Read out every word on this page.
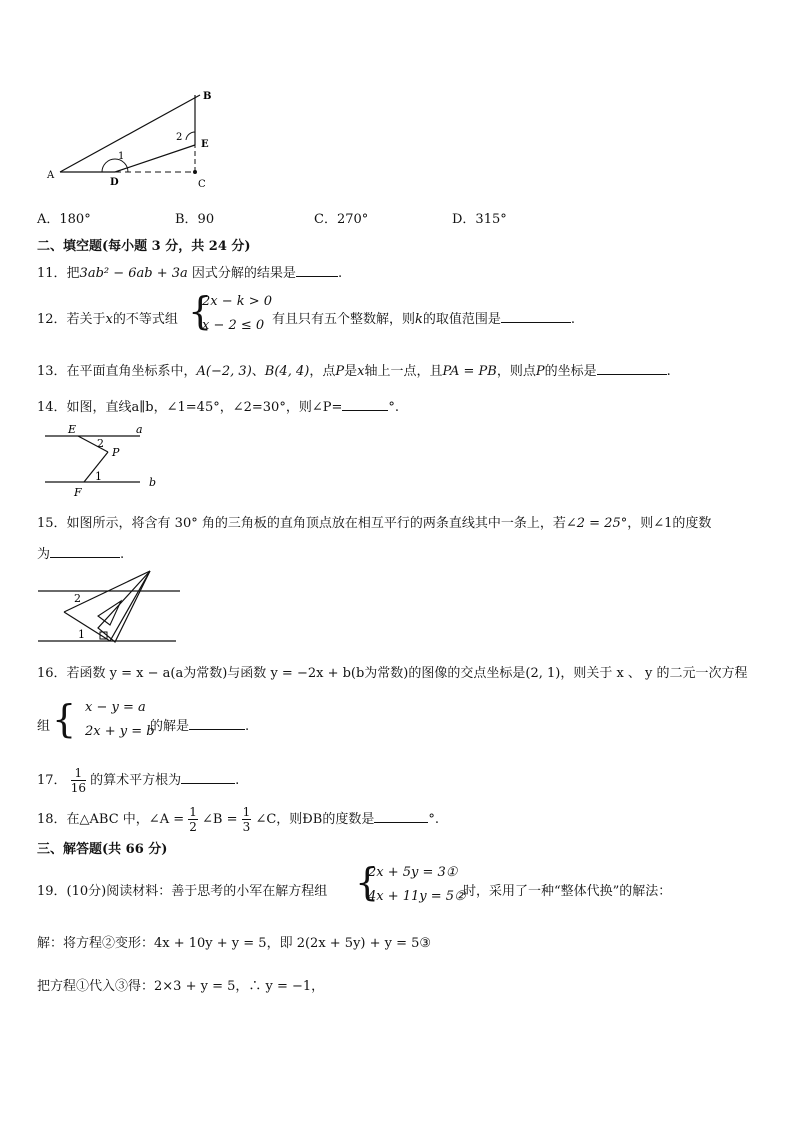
A
B
C
D
E
1
2
A．180°	B．90	C．270°	D．315°
二、填空题(每小题 3 分，共 24 分)
11．把3ab² − 6ab + 3a 因式分解的结果是	.
12．若关于x的不等式组 {
2x − k > 0
x − 2 ≤ 0 有且只有五个整数解，则k的取值范围是	.
13．在平面直角坐标系中，A(−2, 3)、B(4, 4)，点P是x轴上一点，且PA = PB，则点P的坐标是	.
14．如图，直线a∥b，∠1=45°，∠2=30°，则∠P=	°.
E	a
2
P
1	b
F
15．如图所示，将含有 30° 角的三角板的直角顶点放在相互平行的两条直线其中一条上，若∠2 = 25°，则∠1的度数
为	.
2
1
16．若函数 y = x − a(a为常数)与函数 y = −2x + b(b为常数)的图像的交点坐标是(2, 1)，则关于 x 、 y 的二元一次方程
组 { x − y = a
2x + y = b
的解是	.
17． $\frac{1}{16}$ 的算术平方根为	.
18．在△ABC 中，∠A = $\frac{1}{2}$ ∠B = $\frac{1}{3}$ ∠C，则ÐB的度数是	°.
三、解答题(共 66 分)
19．(10分)阅读材料：善于思考的小军在解方程组 {
2x + 5y = 3①
4x + 11y = 5②
时，采用了一种“整体代换”的解法：
解：将方程②变形：4x + 10y + y = 5，即 2(2x + 5y) + y = 5③
把方程①代入③得：2×3 + y = 5，∴ y = −1，
